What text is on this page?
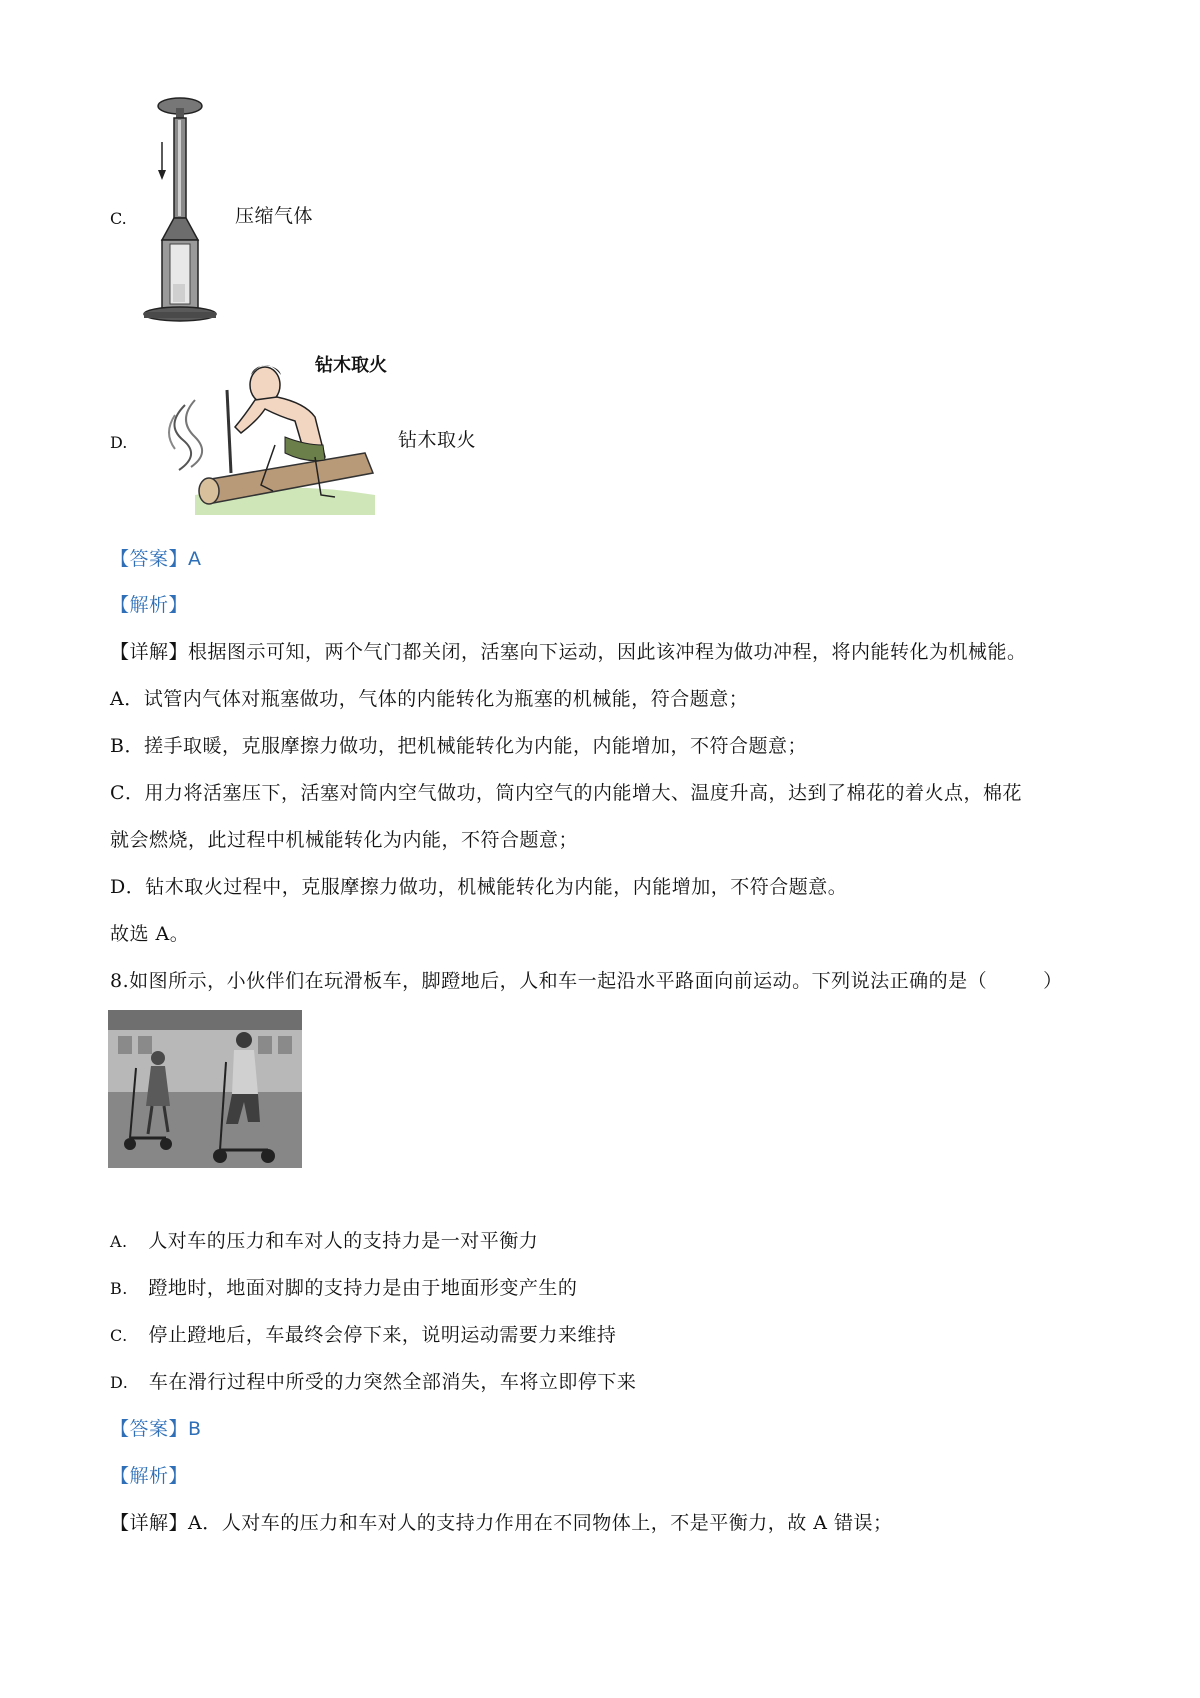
C.	压缩气体
D.
钻木取火
钻木取火
【答案】A
【解析】
【详解】根据图示可知，两个气门都关闭，活塞向下运动，因此该冲程为做功冲程，将内能转化为机械能。
A．试管内气体对瓶塞做功，气体的内能转化为瓶塞的机械能，符合题意；
B．搓手取暖，克服摩擦力做功，把机械能转化为内能，内能增加，不符合题意；
C．用力将活塞压下，活塞对筒内空气做功，筒内空气的内能增大、温度升高，达到了棉花的着火点，棉花
就会燃烧，此过程中机械能转化为内能，不符合题意；
D．钻木取火过程中，克服摩擦力做功，机械能转化为内能，内能增加，不符合题意。
故选 A。
8.如图所示，小伙伴们在玩滑板车，脚蹬地后，人和车一起沿水平路面向前运动。下列说法正确的是（	）
A. 人对车的压力和车对人的支持力是一对平衡力
B. 蹬地时，地面对脚的支持力是由于地面形变产生的
C. 停止蹬地后，车最终会停下来，说明运动需要力来维持
D. 车在滑行过程中所受的力突然全部消失，车将立即停下来
【答案】B
【解析】
【详解】A．人对车的压力和车对人的支持力作用在不同物体上，不是平衡力，故 A 错误；
